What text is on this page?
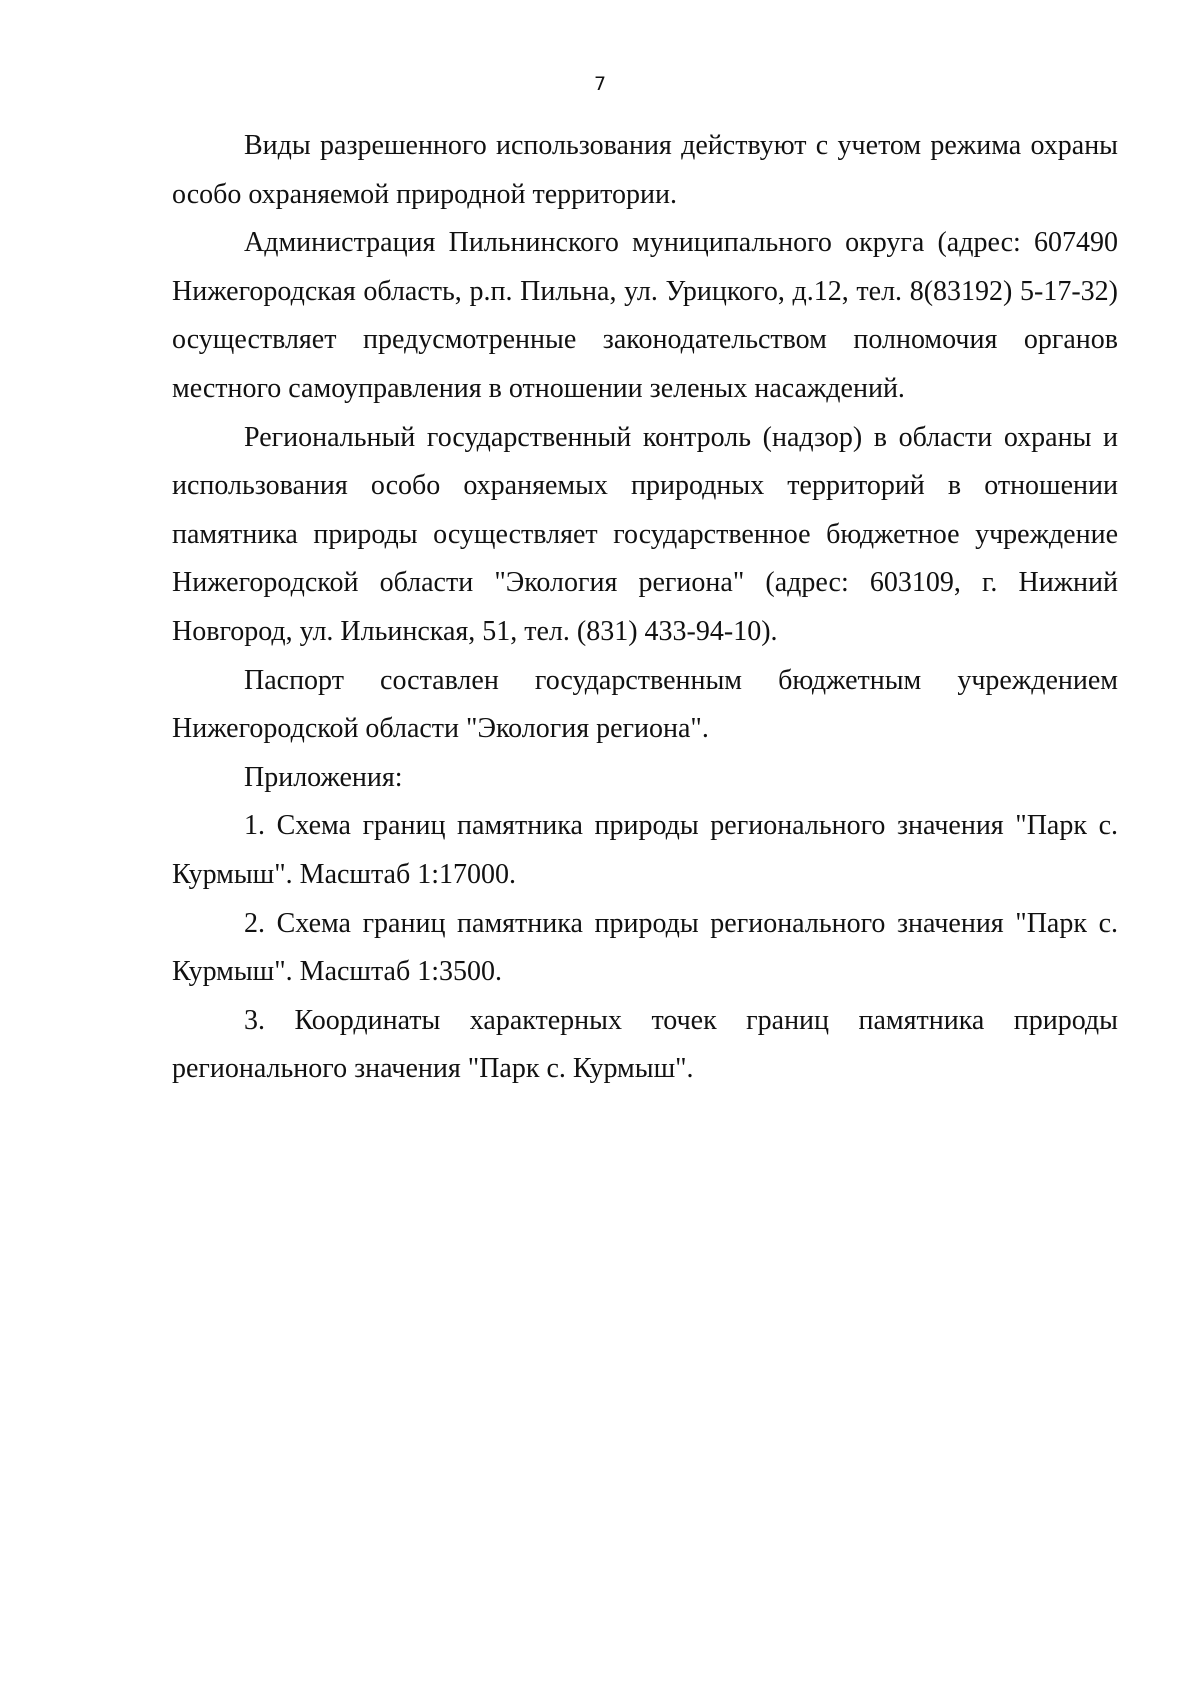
7

Виды разрешенного использования действуют с учетом режима охраны особо охраняемой природной территории.

Администрация Пильнинского муниципального округа (адрес: 607490 Нижегородская область, р.п. Пильна, ул. Урицкого, д.12, тел. 8(83192) 5-17-32) осуществляет предусмотренные законодательством полномочия органов местного самоуправления в отношении зеленых насаждений.

Региональный государственный контроль (надзор) в области охраны и использования особо охраняемых природных территорий в отношении памятника природы осуществляет государственное бюджетное учреждение Нижегородской области "Экология региона" (адрес: 603109, г. Нижний Новгород, ул. Ильинская, 51, тел. (831) 433-94-10).

Паспорт составлен государственным бюджетным учреждением Нижегородской области "Экология региона".

Приложения:

1. Схема границ памятника природы регионального значения "Парк с. Курмыш". Масштаб 1:17000.

2. Схема границ памятника природы регионального значения "Парк с. Курмыш". Масштаб 1:3500.

3. Координаты характерных точек границ памятника природы регионального значения "Парк с. Курмыш".
